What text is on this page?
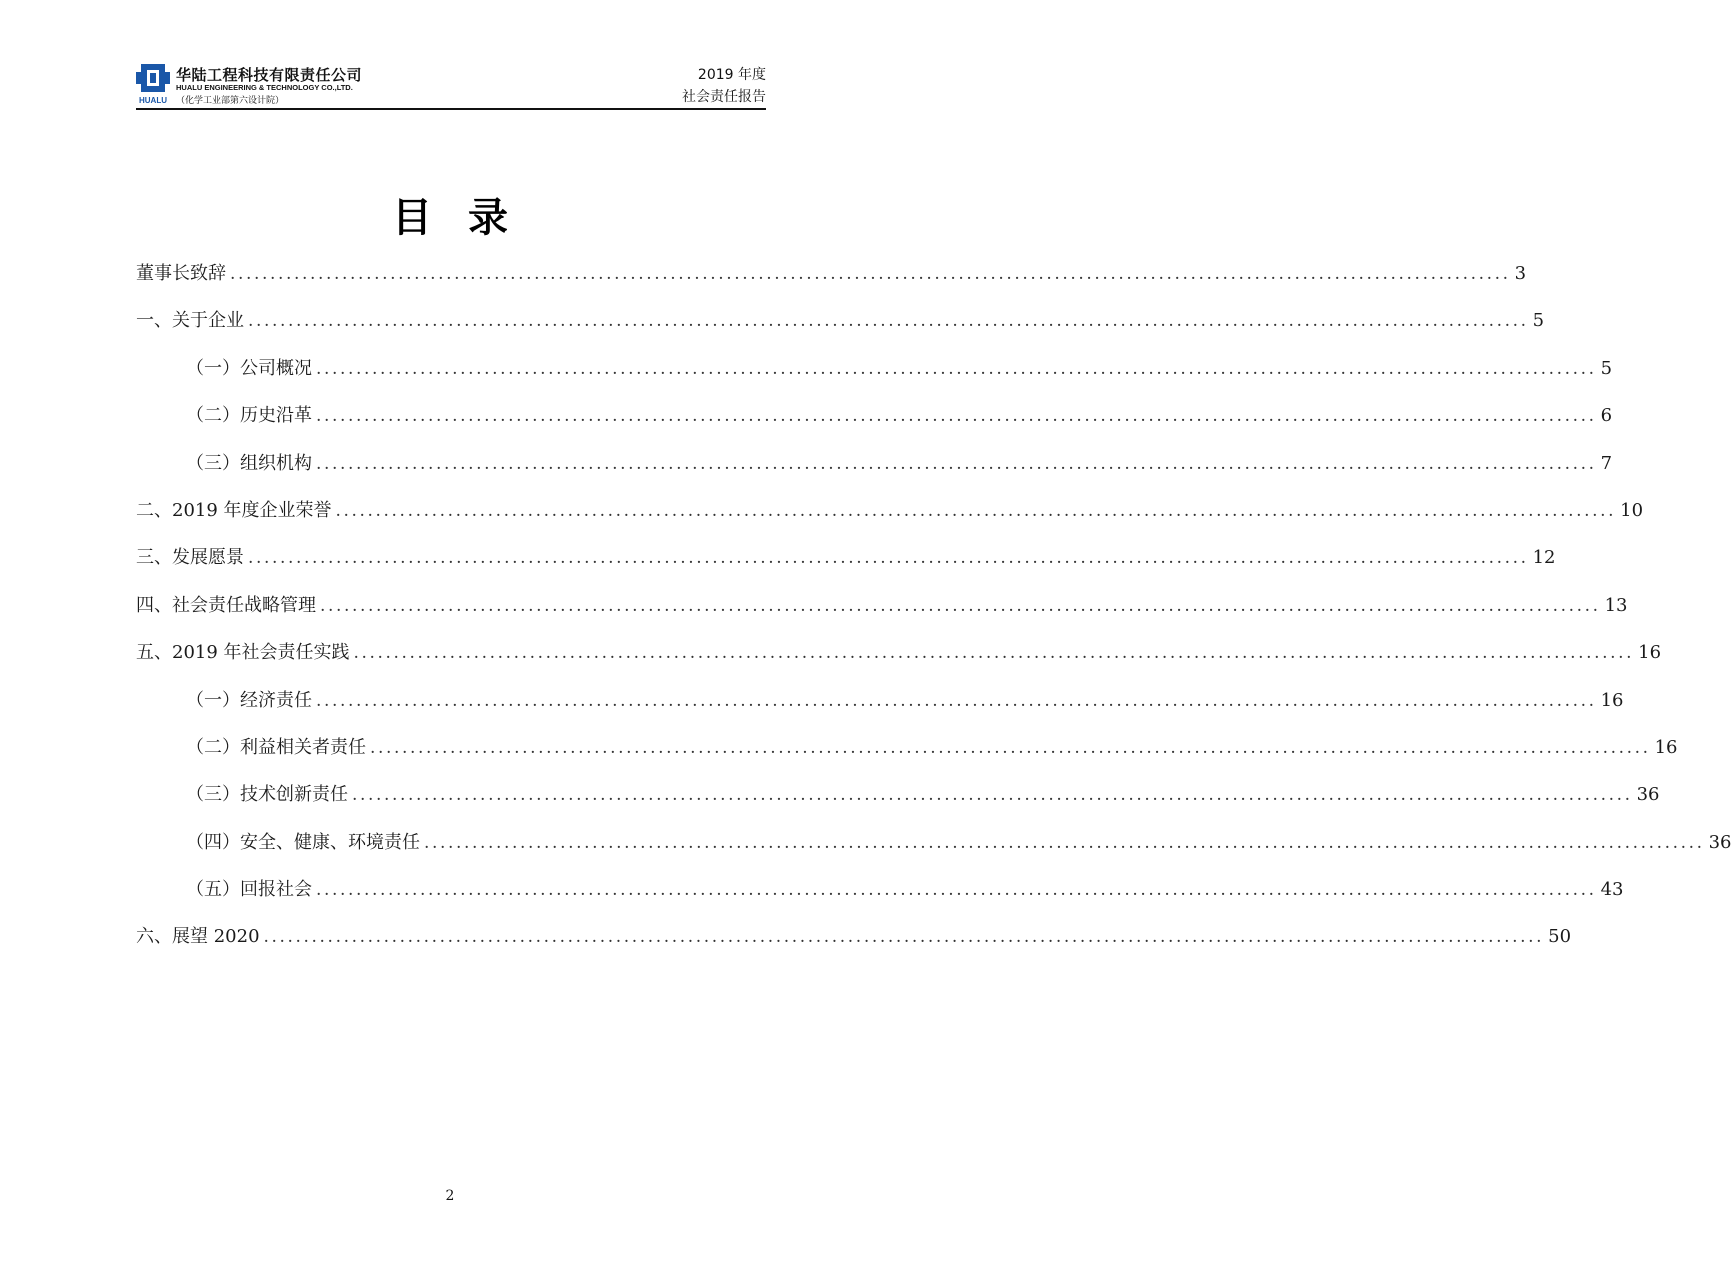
HUALU
华陆工程科技有限责任公司
HUALU ENGINEERING & TECHNOLOGY CO.,LTD.
（化学工业部第六设计院）
2019 年度
社会责任报告
目录
董事长致辞 ................................................................................................................................................................ 3
一、关于企业 ................................................................................................................................................................ 5
（一）公司概况 ................................................................................................................................................................ 5
（二）历史沿革 ................................................................................................................................................................ 6
（三）组织机构 ................................................................................................................................................................ 7
二、2019 年度企业荣誉 ................................................................................................................................................................ 10
三、发展愿景 ................................................................................................................................................................ 12
四、社会责任战略管理 ................................................................................................................................................................ 13
五、2019 年社会责任实践 ................................................................................................................................................................ 16
（一）经济责任 ................................................................................................................................................................ 16
（二）利益相关者责任 ................................................................................................................................................................ 16
（三）技术创新责任 ................................................................................................................................................................ 36
（四）安全、健康、环境责任 ................................................................................................................................................................ 36
（五）回报社会 ................................................................................................................................................................ 43
六、展望 2020 ................................................................................................................................................................ 50
2
